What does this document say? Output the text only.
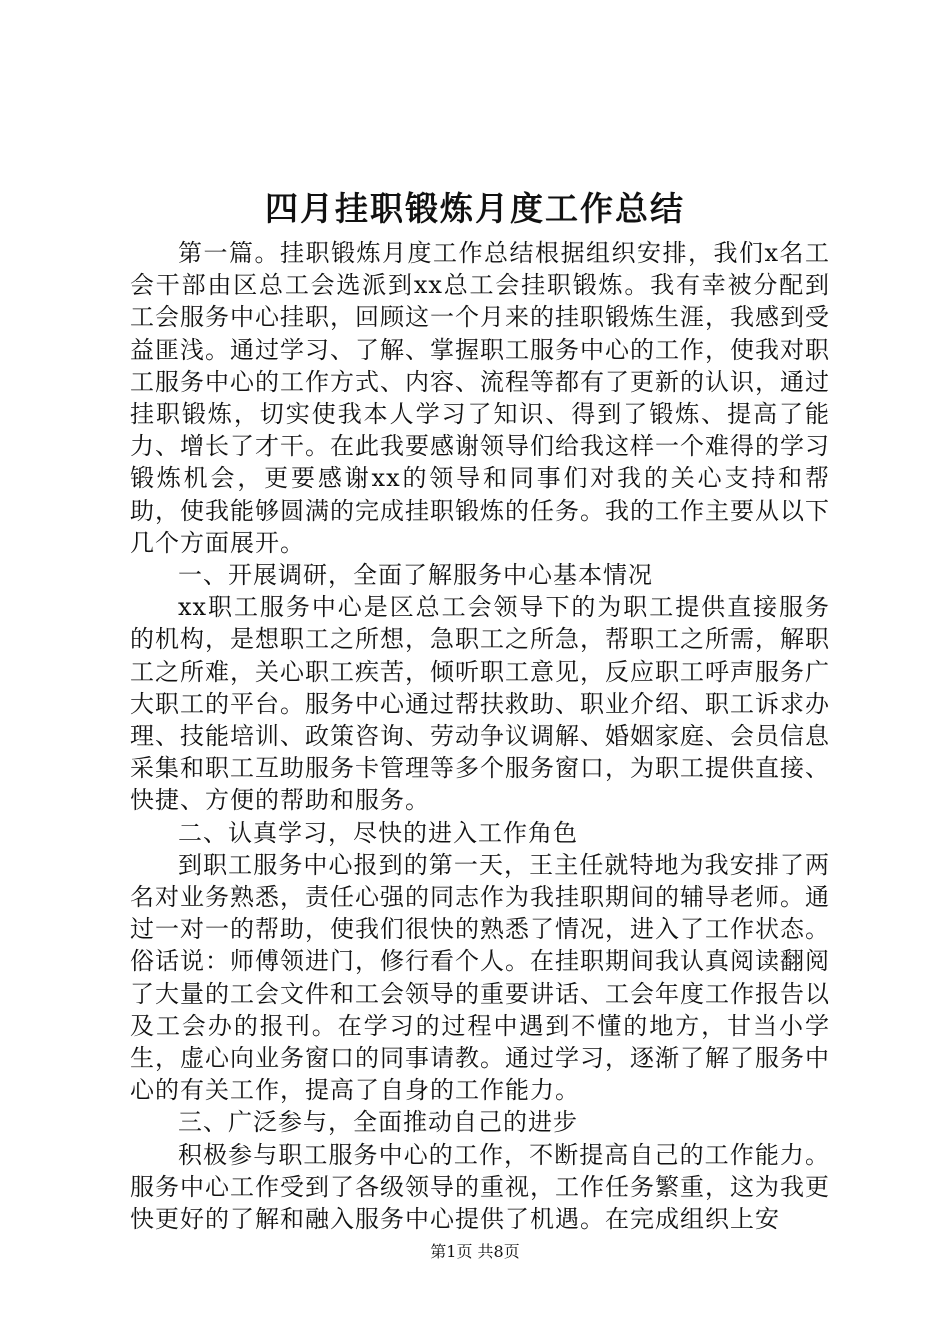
四月挂职锻炼月度工作总结

第一篇。挂职锻炼月度工作总结根据组织安排，我们x名工会干部由区总工会选派到xx总工会挂职锻炼。我有幸被分配到工会服务中心挂职，回顾这一个月来的挂职锻炼生涯，我感到受益匪浅。通过学习、了解、掌握职工服务中心的工作，使我对职工服务中心的工作方式、内容、流程等都有了更新的认识，通过挂职锻炼，切实使我本人学习了知识、得到了锻炼、提高了能力、增长了才干。在此我要感谢领导们给我这样一个难得的学习锻炼机会，更要感谢xx的领导和同事们对我的关心支持和帮助，使我能够圆满的完成挂职锻炼的任务。我的工作主要从以下几个方面展开。

一、开展调研，全面了解服务中心基本情况

xx职工服务中心是区总工会领导下的为职工提供直接服务的机构，是想职工之所想，急职工之所急，帮职工之所需，解职工之所难，关心职工疾苦，倾听职工意见，反应职工呼声服务广大职工的平台。服务中心通过帮扶救助、职业介绍、职工诉求办理、技能培训、政策咨询、劳动争议调解、婚姻家庭、会员信息采集和职工互助服务卡管理等多个服务窗口，为职工提供直接、快捷、方便的帮助和服务。

二、认真学习，尽快的进入工作角色

到职工服务中心报到的第一天，王主任就特地为我安排了两名对业务熟悉，责任心强的同志作为我挂职期间的辅导老师。通过一对一的帮助，使我们很快的熟悉了情况，进入了工作状态。俗话说：师傅领进门，修行看个人。在挂职期间我认真阅读翻阅了大量的工会文件和工会领导的重要讲话、工会年度工作报告以及工会办的报刊。在学习的过程中遇到不懂的地方，甘当小学生，虚心向业务窗口的同事请教。通过学习，逐渐了解了服务中心的有关工作，提高了自身的工作能力。

三、广泛参与，全面推动自己的进步

积极参与职工服务中心的工作，不断提高自己的工作能力。服务中心工作受到了各级领导的重视，工作任务繁重，这为我更快更好的了解和融入服务中心提供了机遇。在完成组织上安

第1页 共8页
